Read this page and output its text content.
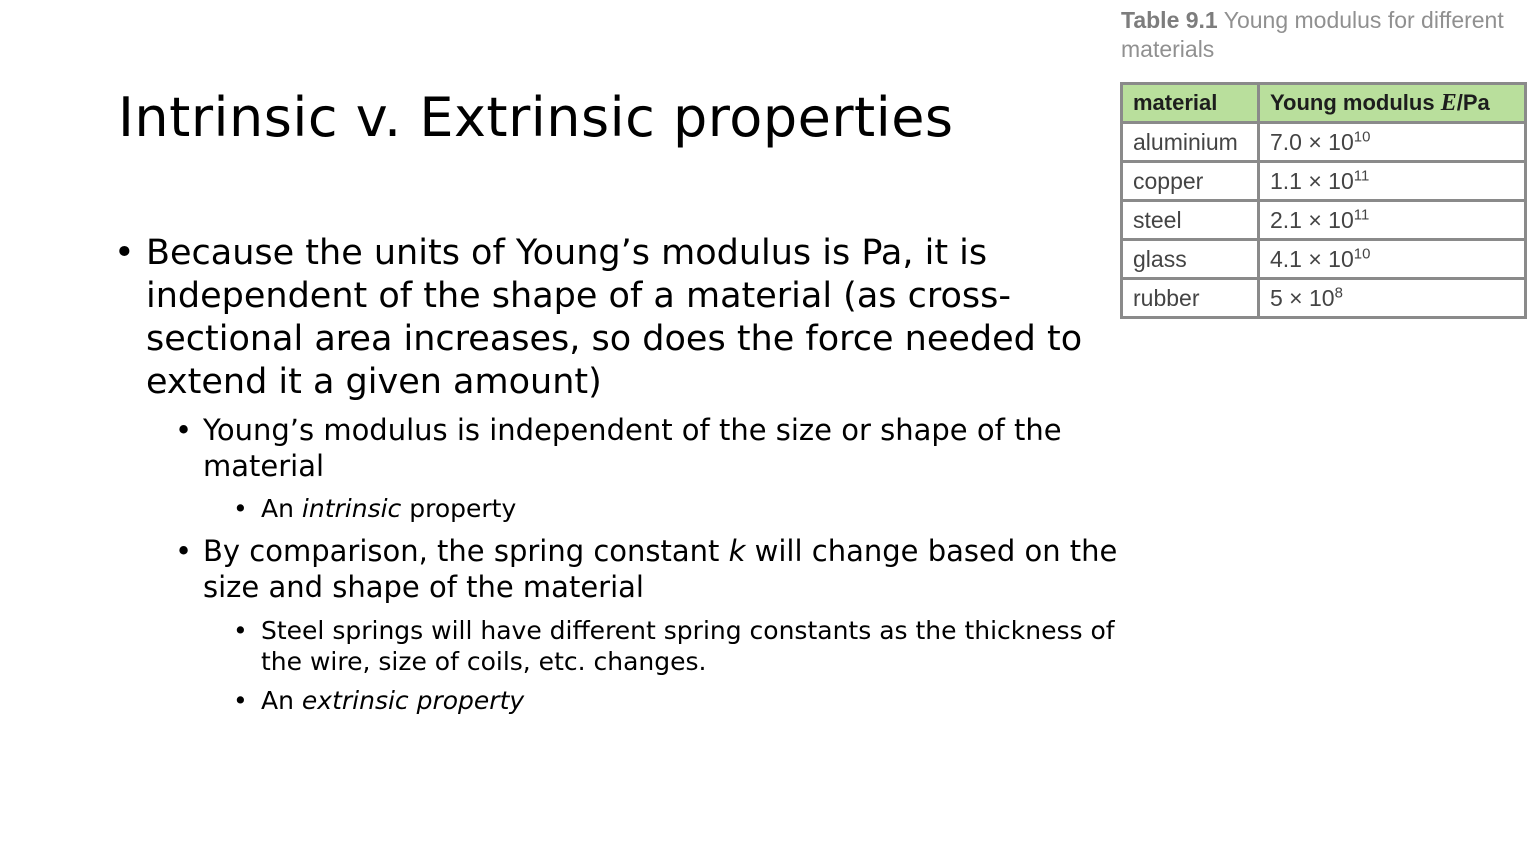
Intrinsic v. Extrinsic properties
• Because the units of Young’s modulus is Pa, it is independent of the shape of a material (as cross-sectional area increases, so does the force needed to extend it a given amount)
• Young’s modulus is independent of the size or shape of the material
• An intrinsic property
• By comparison, the spring constant k will change based on the size and shape of the material
• Steel springs will have different spring constants as the thickness of the wire, size of coils, etc. changes.
• An extrinsic property
Table 9.1 Young modulus for different materials
material	Young modulus E/Pa
aluminium	$7.0 \times 10^{10}$
copper	$1.1 \times 10^{11}$
steel	$2.1 \times 10^{11}$
glass	$4.1 \times 10^{10}$
rubber	$5 \times 10^8$
